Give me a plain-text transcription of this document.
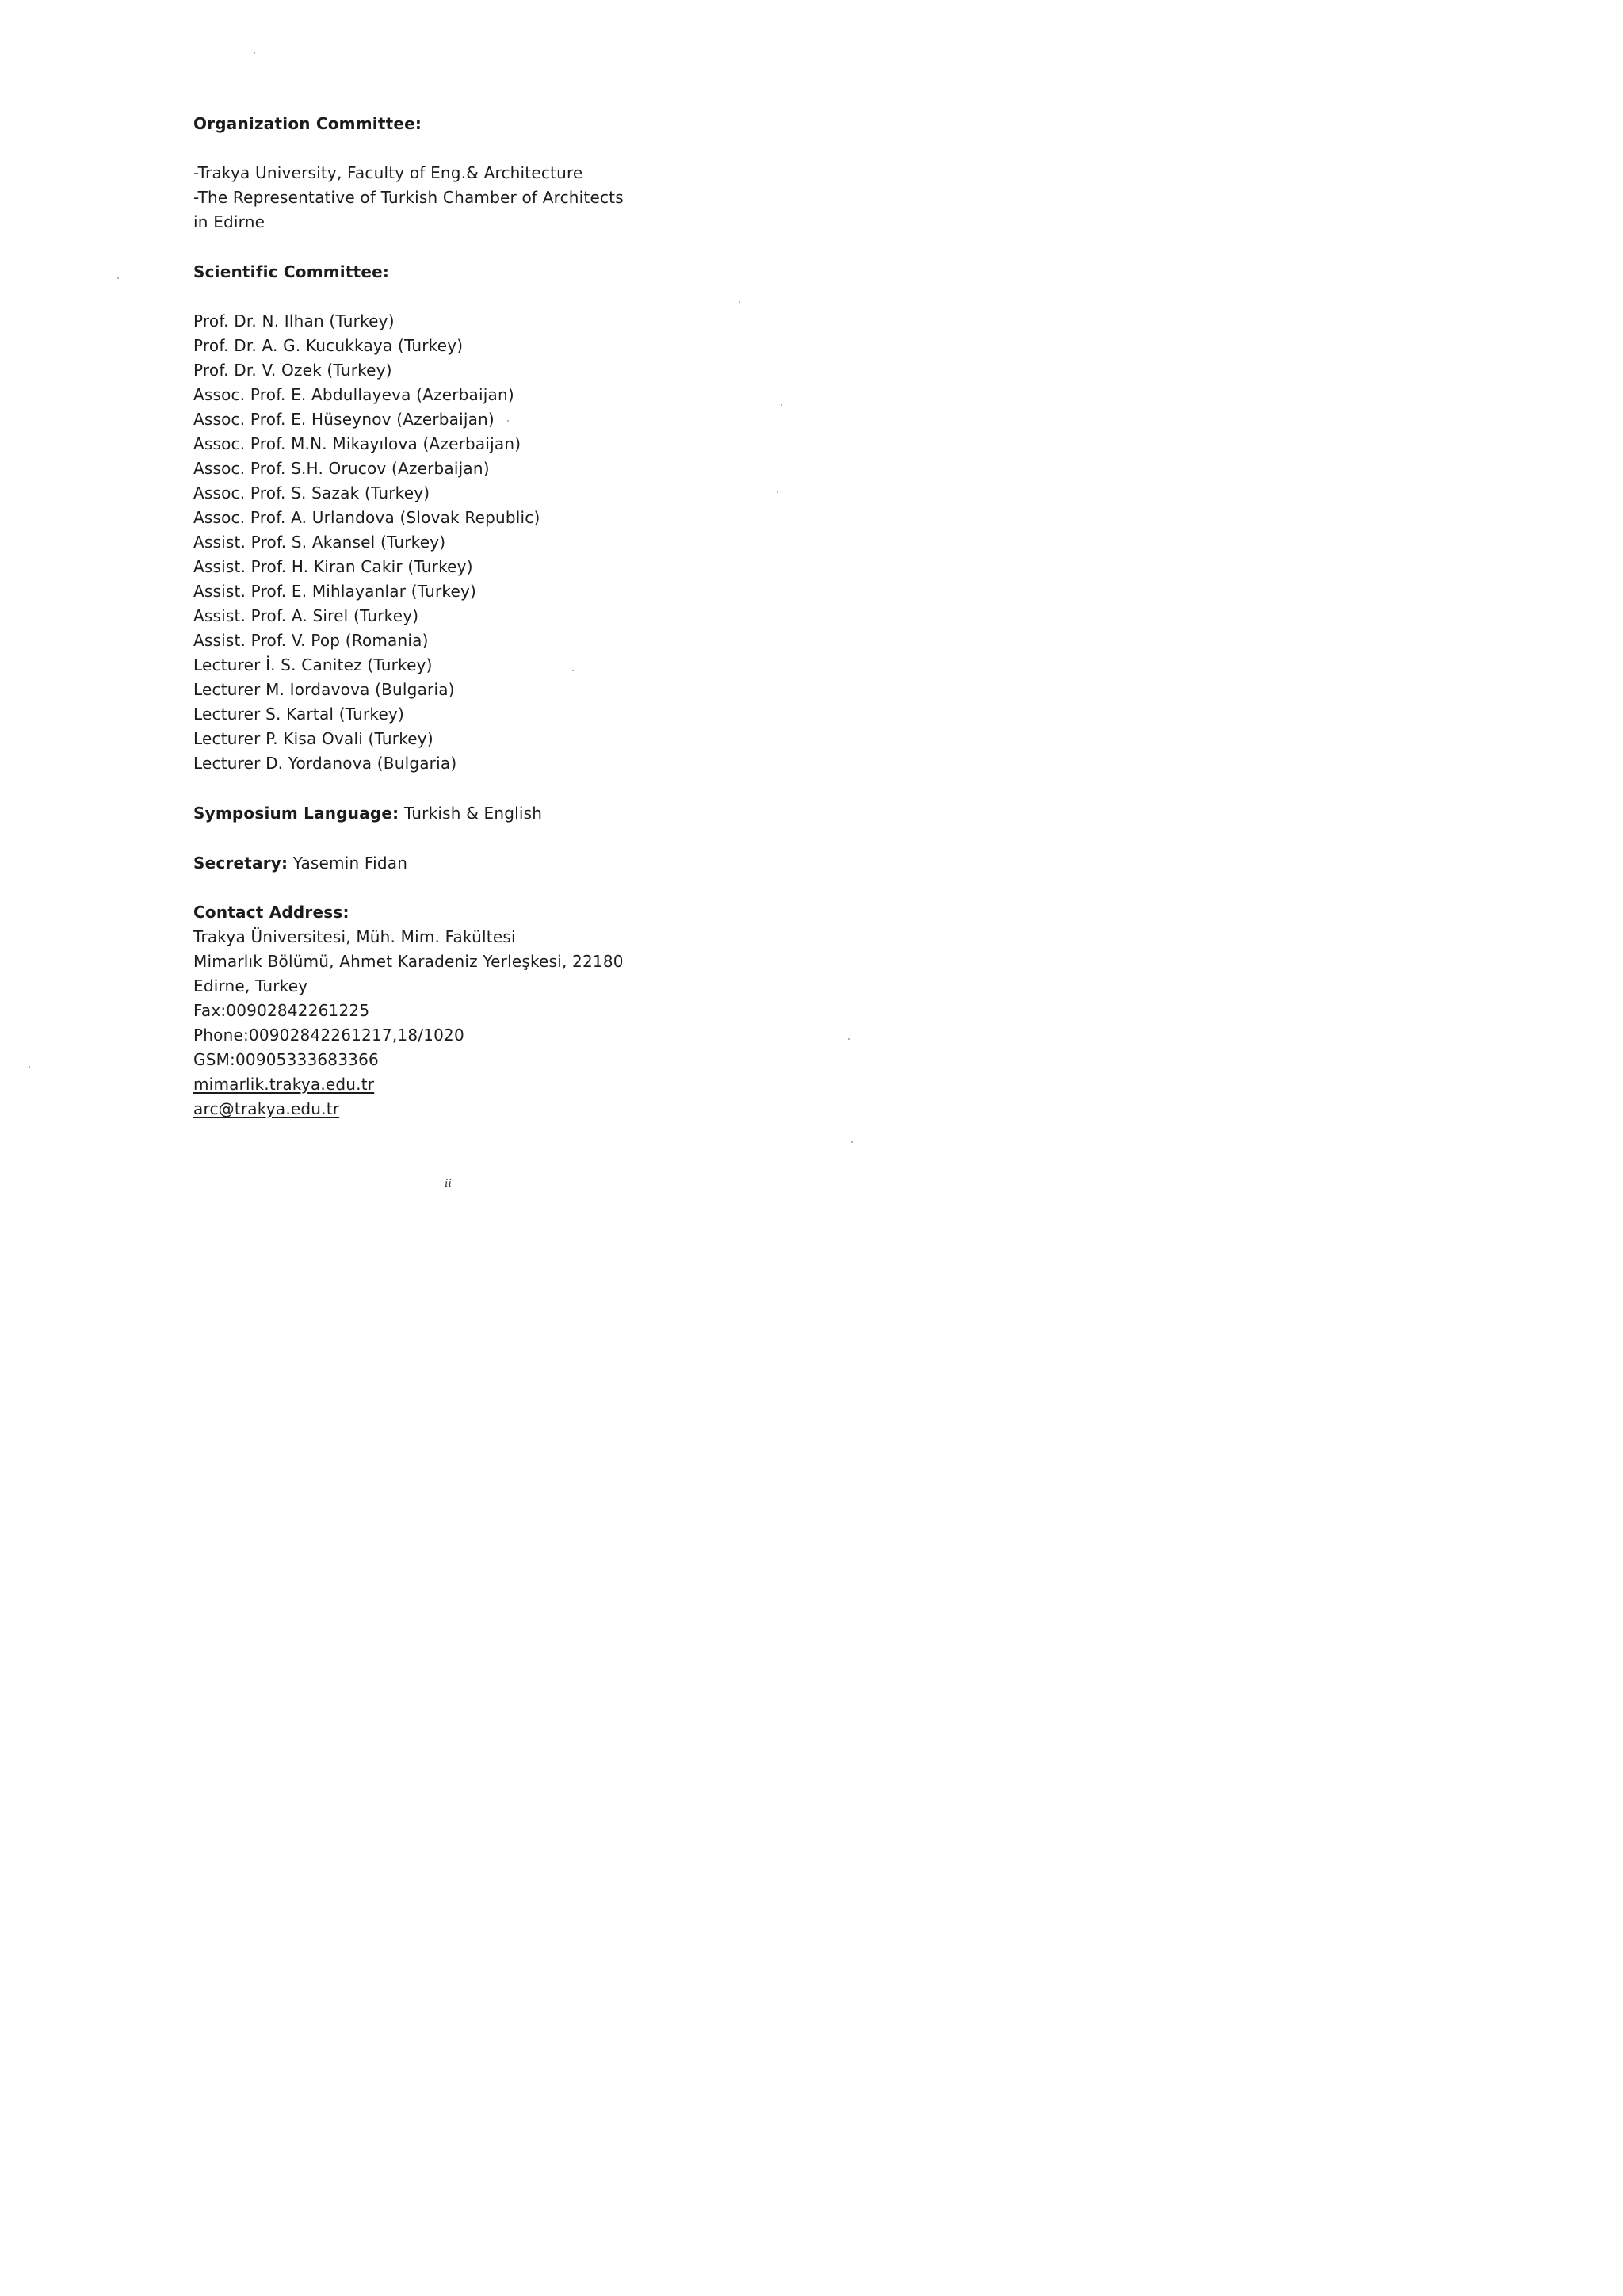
Organization Committee:
-Trakya University, Faculty of Eng.& Architecture
-The Representative of Turkish Chamber of Architects
in Edirne
Scientific Committee:
Prof. Dr. N. Ilhan (Turkey)
Prof. Dr. A. G. Kucukkaya (Turkey)
Prof. Dr. V. Ozek (Turkey)
Assoc. Prof. E. Abdullayeva (Azerbaijan)
Assoc. Prof. E. Hüseynov (Azerbaijan)
Assoc. Prof. M.N. Mikayılova (Azerbaijan)
Assoc. Prof. S.H. Orucov (Azerbaijan)
Assoc. Prof. S. Sazak (Turkey)
Assoc. Prof. A. Urlandova (Slovak Republic)
Assist. Prof. S. Akansel (Turkey)
Assist. Prof. H. Kiran Cakir (Turkey)
Assist. Prof. E. Mihlayanlar (Turkey)
Assist. Prof. A. Sirel (Turkey)
Assist. Prof. V. Pop (Romania)
Lecturer İ. S. Canitez (Turkey)
Lecturer M. Iordavova (Bulgaria)
Lecturer S. Kartal (Turkey)
Lecturer P. Kisa Ovali (Turkey)
Lecturer D. Yordanova (Bulgaria)
Symposium Language: Turkish & English
Secretary: Yasemin Fidan
Contact Address:
Trakya Üniversitesi, Müh. Mim. Fakültesi
Mimarlık Bölümü, Ahmet Karadeniz Yerleşkesi, 22180
Edirne, Turkey
Fax:00902842261225
Phone:00902842261217,18/1020
GSM:00905333683366
mimarlik.trakya.edu.tr
arc@trakya.edu.tr
ii
